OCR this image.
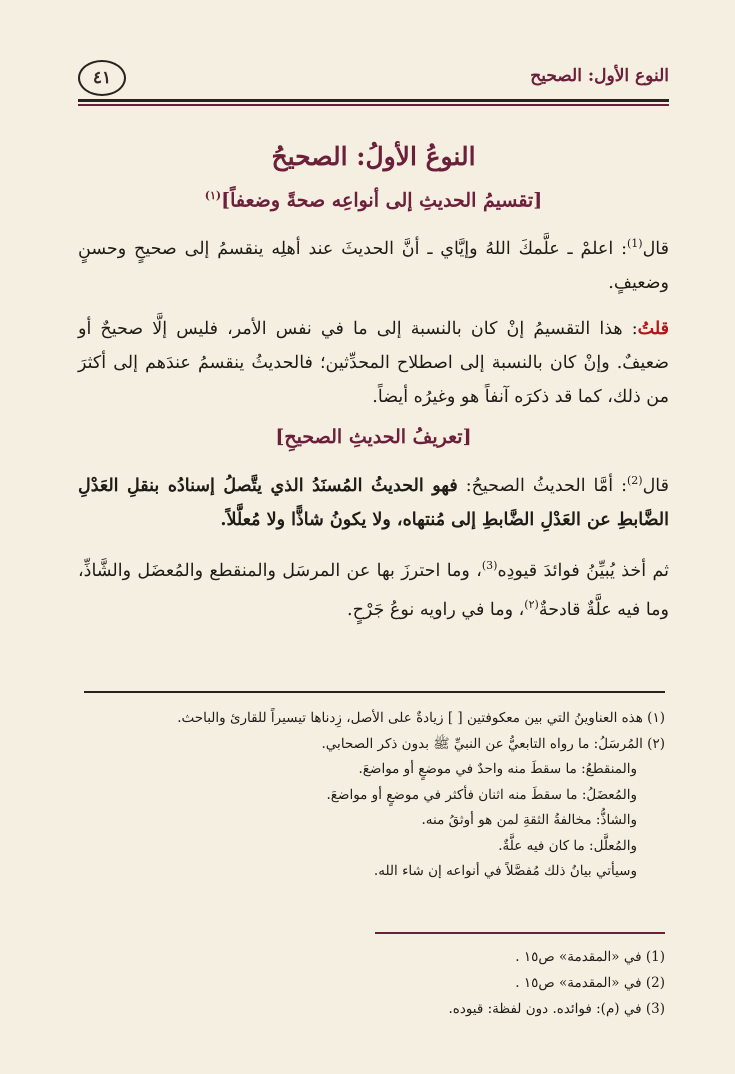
النوع الأول: الصحيح
٤١
النوعُ الأولُ: الصحيحُ
[تقسيمُ الحديثِ إلى أنواعِه صحةً وضعفاً]$^{(١)}$

قال$^{(1)}$: اعلمْ ـ علَّمكَ اللهُ وإيَّاي ـ أنَّ الحديثَ عند أهلِه ينقسمُ إلى صحيحٍ وحسنٍ وضعيفٍ.

قلتُ: هذا التقسيمُ إنْ كان بالنسبة إلى ما في نفس الأمر، فليس إلَّا صحيحٌ أو ضعيفٌ. وإنْ كان بالنسبة إلى اصطلاح المحدِّثين؛ فالحديثُ ينقسمُ عندَهم إلى أكثرَ من ذلك، كما قد ذكرَه آنفاً هو وغيرُه أيضاً.

[تعريفُ الحديثِ الصحيحِ]

قال$^{(2)}$: أمَّا الحديثُ الصحيحُ: فهو الحديثُ المُسنَدُ الذي يتَّصلُ إسنادُه بنقلِ العَدْلِ الضَّابطِ عن العَدْلِ الضَّابطِ إلى مُنتهاه، ولا يكونُ شاذًّا ولا مُعلَّلاً.

ثم أخذ يُبيِّنُ فوائدَ قيودِه$^{(3)}$، وما احترزَ بها عن المرسَل والمنقطع والمُعضَل والشَّاذِّ، وما فيه علَّةٌ قادحةٌ$^{(٢)}$، وما في راويه نوعُ جَرْحٍ.

(١) هذه العناوينُ التي بين معكوفتين [ ] زيادةٌ على الأصل، زِدناها تيسيراً للقارئ والباحث.

(٢) المُرسَلُ: ما رواه التابعيُّ عن النبيِّ ﷺ بدون ذكر الصحابي.

والمنقطعُ: ما سقطَ منه واحدٌ في موضعٍ أو مواضعَ.

والمُعضَلُ: ما سقطَ منه اثنان فأكثر في موضعٍ أو مواضعَ.

والشاذُّ: مخالفةُ الثقةِ لمن هو أوثقُ منه.

والمُعلَّل: ما كان فيه علَّةٌ.

وسيأتي بيانُ ذلك مُفصَّلاً في أنواعه إن شاء الله.

(1) في «المقدمة» ص١٥ .

(2) في «المقدمة» ص١٥ .

(3) في (م): فوائده. دون لفظة: قيوده.
